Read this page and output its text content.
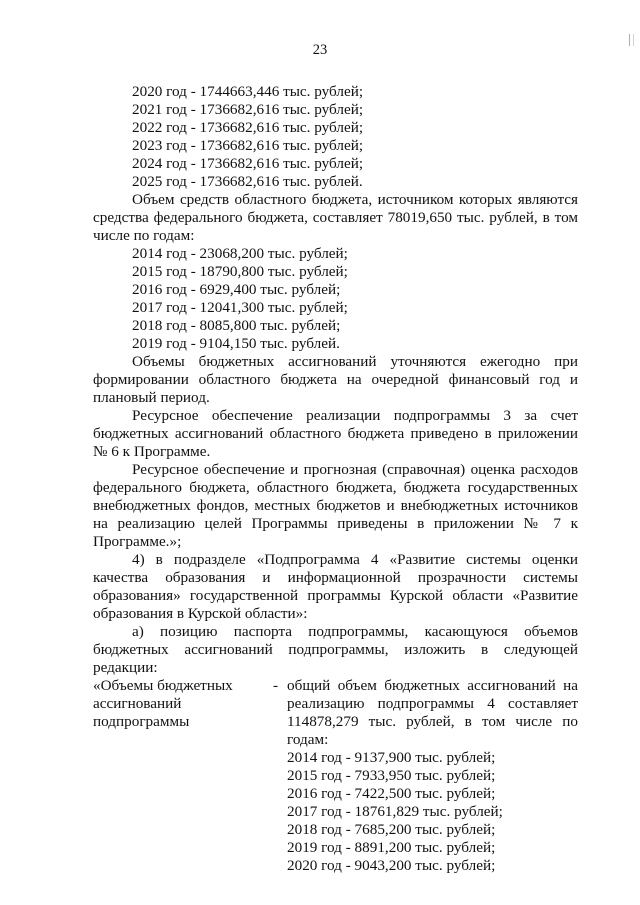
23
2020 год - 1744663,446 тыс. рублей;
2021 год - 1736682,616 тыс. рублей;
2022 год - 1736682,616 тыс. рублей;
2023 год - 1736682,616 тыс. рублей;
2024 год - 1736682,616 тыс. рублей;
2025 год - 1736682,616 тыс. рублей.
Объем средств областного бюджета, источником которых являются
средства федерального бюджета, составляет 78019,650 тыс. рублей, в том
числе по годам:
2014 год - 23068,200 тыс. рублей;
2015 год - 18790,800 тыс. рублей;
2016 год - 6929,400 тыс. рублей;
2017 год - 12041,300 тыс. рублей;
2018 год - 8085,800 тыс. рублей;
2019 год - 9104,150 тыс. рублей.
Объемы бюджетных ассигнований уточняются ежегодно при
формировании областного бюджета на очередной финансовый год и
плановый период.
Ресурсное обеспечение реализации подпрограммы 3 за счет
бюджетных ассигнований областного бюджета приведено в приложении
№ 6 к Программе.
Ресурсное обеспечение и прогнозная (справочная) оценка расходов
федерального бюджета, областного бюджета, бюджета государственных
внебюджетных фондов, местных бюджетов и внебюджетных источников
на реализацию целей Программы приведены в приложении № 7 к
Программе.»;
4) в подразделе «Подпрограмма 4 «Развитие системы оценки
качества образования и информационной прозрачности системы
образования» государственной программы Курской области «Развитие
образования в Курской области»:
а) позицию паспорта подпрограммы, касающуюся объемов
бюджетных ассигнований подпрограммы, изложить в следующей
редакции:
«Объемы бюджетных
ассигнований
подпрограммы
- общий объем бюджетных ассигнований на
реализацию подпрограммы 4 составляет
114878,279 тыс. рублей, в том числе по
годам:
2014 год - 9137,900 тыс. рублей;
2015 год - 7933,950 тыс. рублей;
2016 год - 7422,500 тыс. рублей;
2017 год - 18761,829 тыс. рублей;
2018 год - 7685,200 тыс. рублей;
2019 год - 8891,200 тыс. рублей;
2020 год - 9043,200 тыс. рублей;
